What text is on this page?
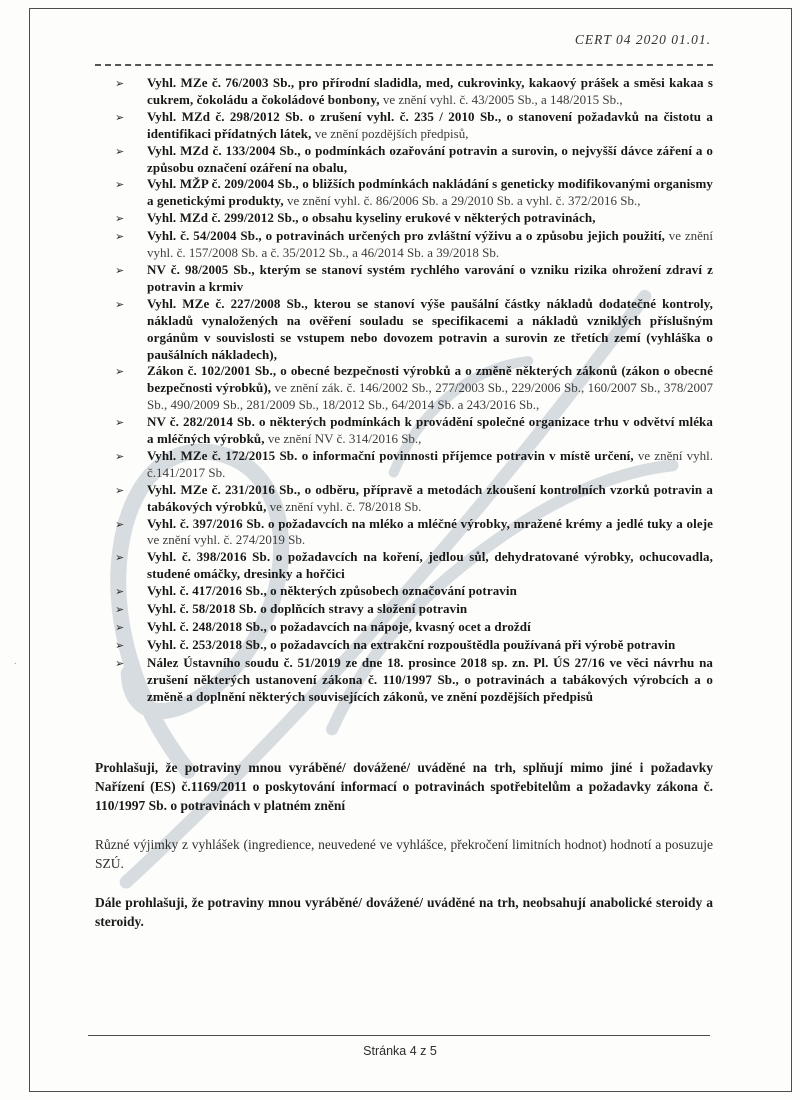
.
CERT 04 2020 01.01.
➢	Vyhl. MZe č. 76/2003 Sb., pro přírodní sladidla, med, cukrovinky, kakaový prášek a směsi kakaa s cukrem, čokoládu a čokoládové bonbony, ve znění vyhl. č. 43/2005 Sb., a 148/2015 Sb.,
➢	Vyhl. MZd č. 298/2012 Sb. o zrušení vyhl. č. 235 / 2010 Sb., o stanovení požadavků na čistotu a identifikaci přídatných látek, ve znění pozdějších předpisů,
➢	Vyhl. MZd č. 133/2004 Sb., o podmínkách ozařování potravin a surovin, o nejvyšší dávce záření a o způsobu označení ozáření na obalu,
➢	Vyhl. MŽP č. 209/2004 Sb., o bližších podmínkách nakládání s geneticky modifikovanými organismy a genetickými produkty, ve znění vyhl. č. 86/2006 Sb. a 29/2010 Sb. a vyhl. č. 372/2016 Sb.,
➢	Vyhl. MZd č. 299/2012 Sb., o obsahu kyseliny erukové v některých potravinách,
➢	Vyhl. č. 54/2004 Sb., o potravinách určených pro zvláštní výživu a o způsobu jejich použití, ve znění vyhl. č. 157/2008 Sb. a č. 35/2012 Sb., a 46/2014 Sb. a 39/2018 Sb.
➢	NV č. 98/2005 Sb., kterým se stanoví systém rychlého varování o vzniku rizika ohrožení zdraví z potravin a krmiv
➢	Vyhl. MZe č. 227/2008 Sb., kterou se stanoví výše paušální částky nákladů dodatečné kontroly, nákladů vynaložených na ověření souladu se specifikacemi a nákladů vzniklých příslušným orgánům v souvislosti se vstupem nebo dovozem potravin a surovin ze třetích zemí (vyhláška o paušálních nákladech),
➢	Zákon č. 102/2001 Sb., o obecné bezpečnosti výrobků a o změně některých zákonů (zákon o obecné bezpečnosti výrobků), ve znění zák. č. 146/2002 Sb., 277/2003 Sb., 229/2006 Sb., 160/2007 Sb., 378/2007 Sb., 490/2009 Sb., 281/2009 Sb., 18/2012 Sb., 64/2014 Sb. a 243/2016 Sb.,
➢	NV č. 282/2014 Sb. o některých podmínkách k provádění společné organizace trhu v odvětví mléka a mléčných výrobků, ve znění NV č. 314/2016 Sb.,
➢	Vyhl. MZe č. 172/2015 Sb. o informační povinnosti příjemce potravin v místě určení, ve znění vyhl. č.141/2017 Sb.
➢	Vyhl. MZe č. 231/2016 Sb., o odběru, přípravě a metodách zkoušení kontrolních vzorků potravin a tabákových výrobků, ve znění vyhl. č. 78/2018 Sb.
➢	Vyhl. č. 397/2016 Sb. o požadavcích na mléko a mléčné výrobky, mražené krémy a jedlé tuky a oleje ve znění vyhl. č. 274/2019 Sb.
➢	Vyhl. č. 398/2016 Sb. o požadavcích na koření, jedlou sůl, dehydratované výrobky, ochucovadla, studené omáčky, dresinky a hořčici
➢	Vyhl. č. 417/2016 Sb., o některých způsobech označování potravin
➢	Vyhl. č. 58/2018 Sb. o doplňcích stravy a složení potravin
➢	Vyhl. č. 248/2018 Sb., o požadavcích na nápoje, kvasný ocet a droždí
➢	Vyhl. č. 253/2018 Sb., o požadavcích na extrakční rozpouštědla používaná při výrobě potravin
➢	Nález Ústavního soudu č. 51/2019 ze dne 18. prosince 2018 sp. zn. Pl. ÚS 27/16 ve věci návrhu na zrušení některých ustanovení zákona č. 110/1997 Sb., o potravinách a tabákových výrobcích a o změně a doplnění některých souvisejících zákonů, ve znění pozdějších předpisů

Prohlašuji, že potraviny mnou vyráběné/ dovážené/ uváděné na trh, splňují mimo jiné i požadavky Nařízení (ES) č.1169/2011 o poskytování informací o potravinách spotřebitelům a požadavky zákona č. 110/1997 Sb. o potravinách v platném znění

Různé výjimky z vyhlášek (ingredience, neuvedené ve vyhlášce, překročení limitních hodnot) hodnotí a posuzuje SZÚ.

Dále prohlašuji, že potraviny mnou vyráběné/ dovážené/ uváděné na trh, neobsahují anabolické steroidy a steroidy.

Stránka 4 z 5
